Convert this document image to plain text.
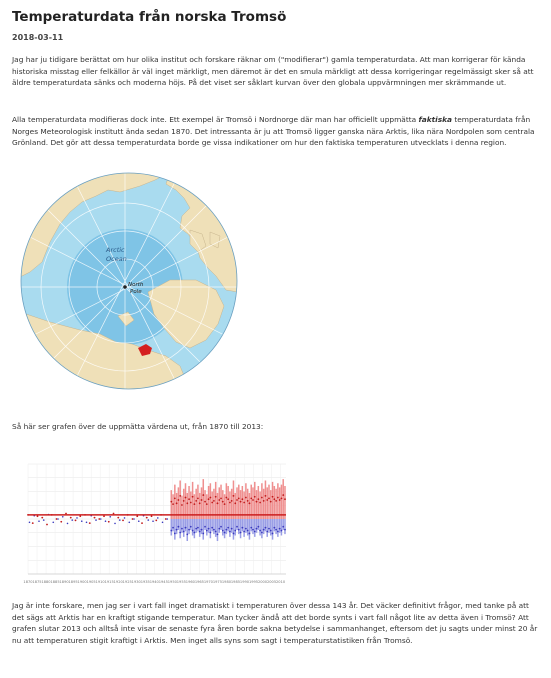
Temperaturdata från norska Tromsö
2018-03-11

Jag har ju tidigare berättat om hur olika institut och forskare räknar om ("modifierar") gamla temperaturdata. Att man korrigerar för kända historiska misstag eller felkällor är väl inget märkligt, men däremot är det en smula märkligt att dessa korrigeringar regelmässigt sker så att äldre temperaturdata sänks och moderna höjs. På det viset ser såklart kurvan över den globala uppvärmningen mer skrämmande ut.

Alla temperaturdata modifieras dock inte. Ett exempel är Tromsö i Nordnorge där man har officiellt uppmätta faktiska temperaturdata från Norges Meteorologisk institutt ända sedan 1870. Det intressanta är ju att Tromsö ligger ganska nära Arktis, lika nära Nordpolen som centrala Grönland. Det gör att dessa temperaturdata borde ge vissa indikationer om hur den faktiska temperaturen utvecklats i denna region.

Arctic
Ocean
North
Pole

Så här ser grafen över de uppmätta värdena ut, från 1870 till 2013:

1870 1875 1880 1885 1890 1895 1900 1905 1910 1915 1920 1925 1930 1935 1940 1945 1950 1955 1960 1965 1970 1975 1980 1985 1990 1995 2000 2005 2010

Jag är inte forskare, men jag ser i vart fall inget dramatiskt i temperaturen över dessa 143 år. Det väcker definitivt frågor, med tanke på att det sägs att Arktis har en kraftigt stigande temperatur. Man tycker ändå att det borde synts i vart fall något lite av detta även i Tromsö? Att grafen slutar 2013 och alltså inte visar de senaste fyra åren borde sakna betydelse i sammanhanget, eftersom det ju sagts under minst 20 år nu att temperaturen stigit kraftigt i Arktis. Men inget alls syns som sagt i temperaturstatistiken från Tromsö.
